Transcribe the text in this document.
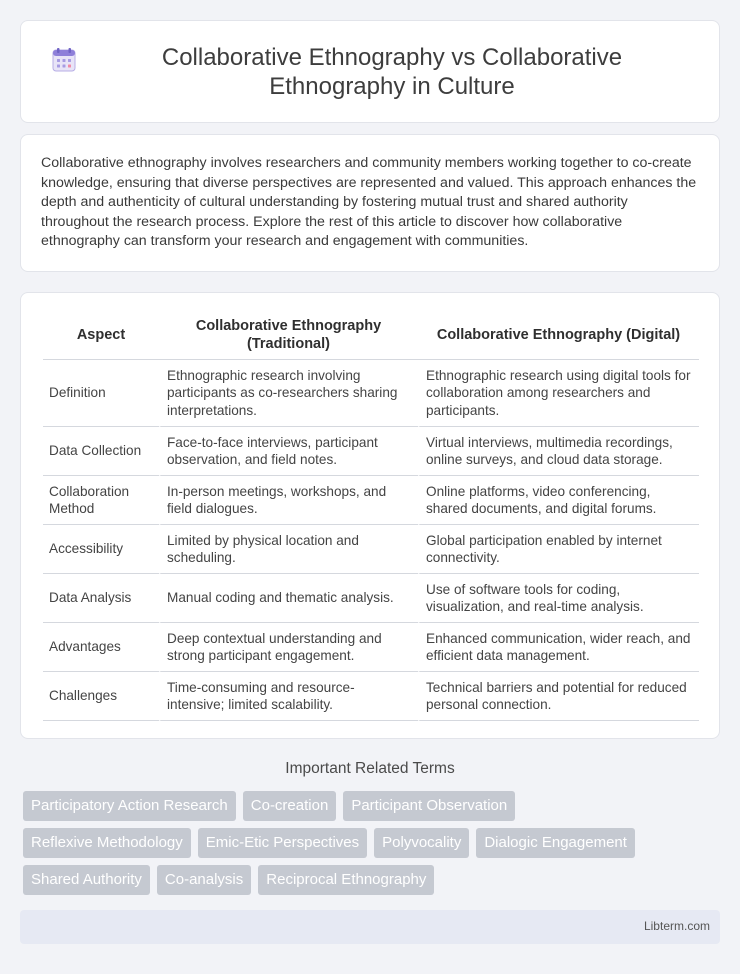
Collaborative Ethnography vs Collaborative Ethnography in Culture

Collaborative ethnography involves researchers and community members working together to co-create knowledge, ensuring that diverse perspectives are represented and valued. This approach enhances the depth and authenticity of cultural understanding by fostering mutual trust and shared authority throughout the research process. Explore the rest of this article to discover how collaborative ethnography can transform your research and engagement with communities.

Aspect	Collaborative Ethnography (Traditional)	Collaborative Ethnography (Digital)
Definition	Ethnographic research involving participants as co-researchers sharing interpretations.	Ethnographic research using digital tools for collaboration among researchers and participants.
Data Collection	Face-to-face interviews, participant observation, and field notes.	Virtual interviews, multimedia recordings, online surveys, and cloud data storage.
Collaboration Method	In-person meetings, workshops, and field dialogues.	Online platforms, video conferencing, shared documents, and digital forums.
Accessibility	Limited by physical location and scheduling.	Global participation enabled by internet connectivity.
Data Analysis	Manual coding and thematic analysis.	Use of software tools for coding, visualization, and real-time analysis.
Advantages	Deep contextual understanding and strong participant engagement.	Enhanced communication, wider reach, and efficient data management.
Challenges	Time-consuming and resource-intensive; limited scalability.	Technical barriers and potential for reduced personal connection.
Important Related Terms
Participatory Action Research	Co-creation	Participant Observation
Reflexive Methodology	Emic-Etic Perspectives	Polyvocality	Dialogic Engagement
Shared Authority	Co-analysis	Reciprocal Ethnography
Libterm.com
